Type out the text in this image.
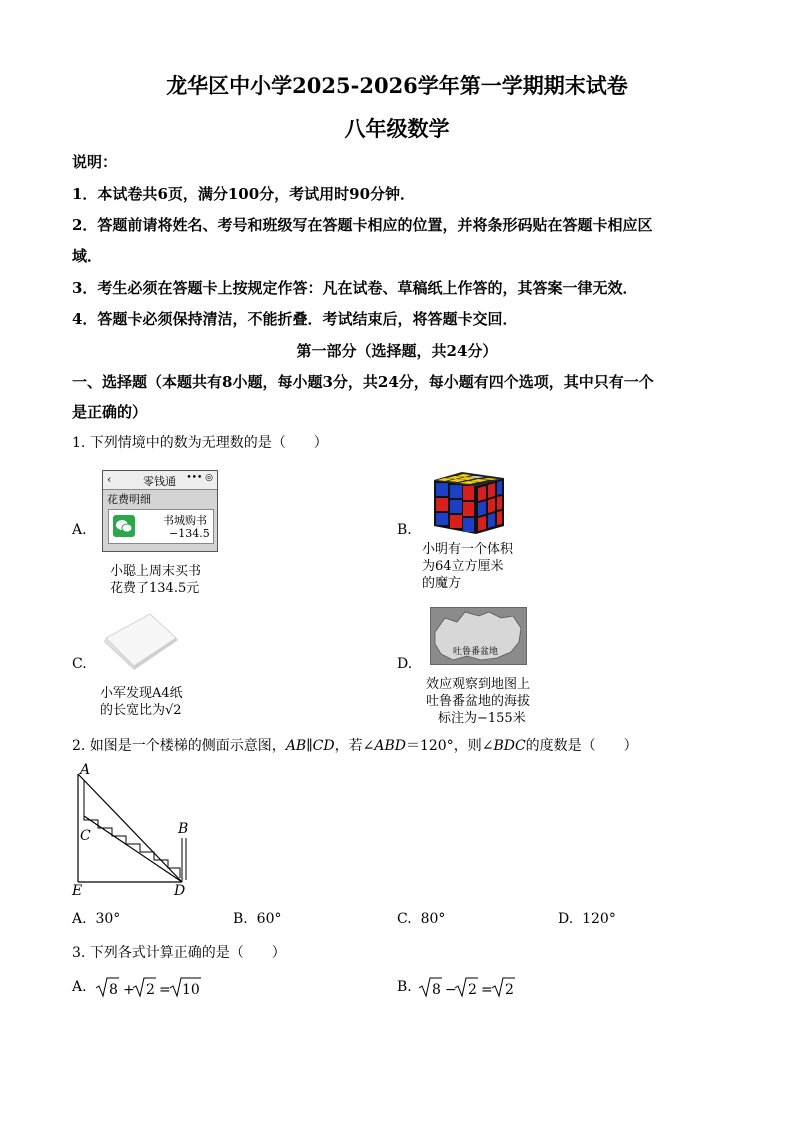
龙华区中小学2025-2026学年第一学期期末试卷
八年级数学
说明：
1．本试卷共6页，满分100分，考试用时90分钟．
2．答题前请将姓名、考号和班级写在答题卡相应的位置，并将条形码贴在答题卡相应区
域．
3．考生必须在答题卡上按规定作答：凡在试卷、草稿纸上作答的，其答案一律无效．
4．答题卡必须保持清洁，不能折叠．考试结束后，将答题卡交回．
第一部分（选择题，共24分）
一、选择题（本题共有8小题，每小题3分，共24分，每小题有四个选项，其中只有一个
是正确的）
1. 下列情境中的数为无理数的是（　　）
A.
‹	零钱通 ••• ◎
花费明细
书城购书
−134.5
小聪上周末买书
花费了134.5元
B.
小明有一个体积
为64立方厘米
的魔方
C.
小军发现A4纸
的长宽比为√2
D.
吐鲁番盆地
效应观察到地图上
吐鲁番盆地的海拔
标注为−155米
2. 如图是一个楼梯的侧面示意图，AB∥CD，若∠ABD＝120°，则∠BDC的度数是（　　）
A
B
C
D
E
A. 30°	B. 60°	C. 80°	D. 120°
3. 下列各式计算正确的是（　　）
A. 8 + 2 = 10	B. 8 − 2 = 2
